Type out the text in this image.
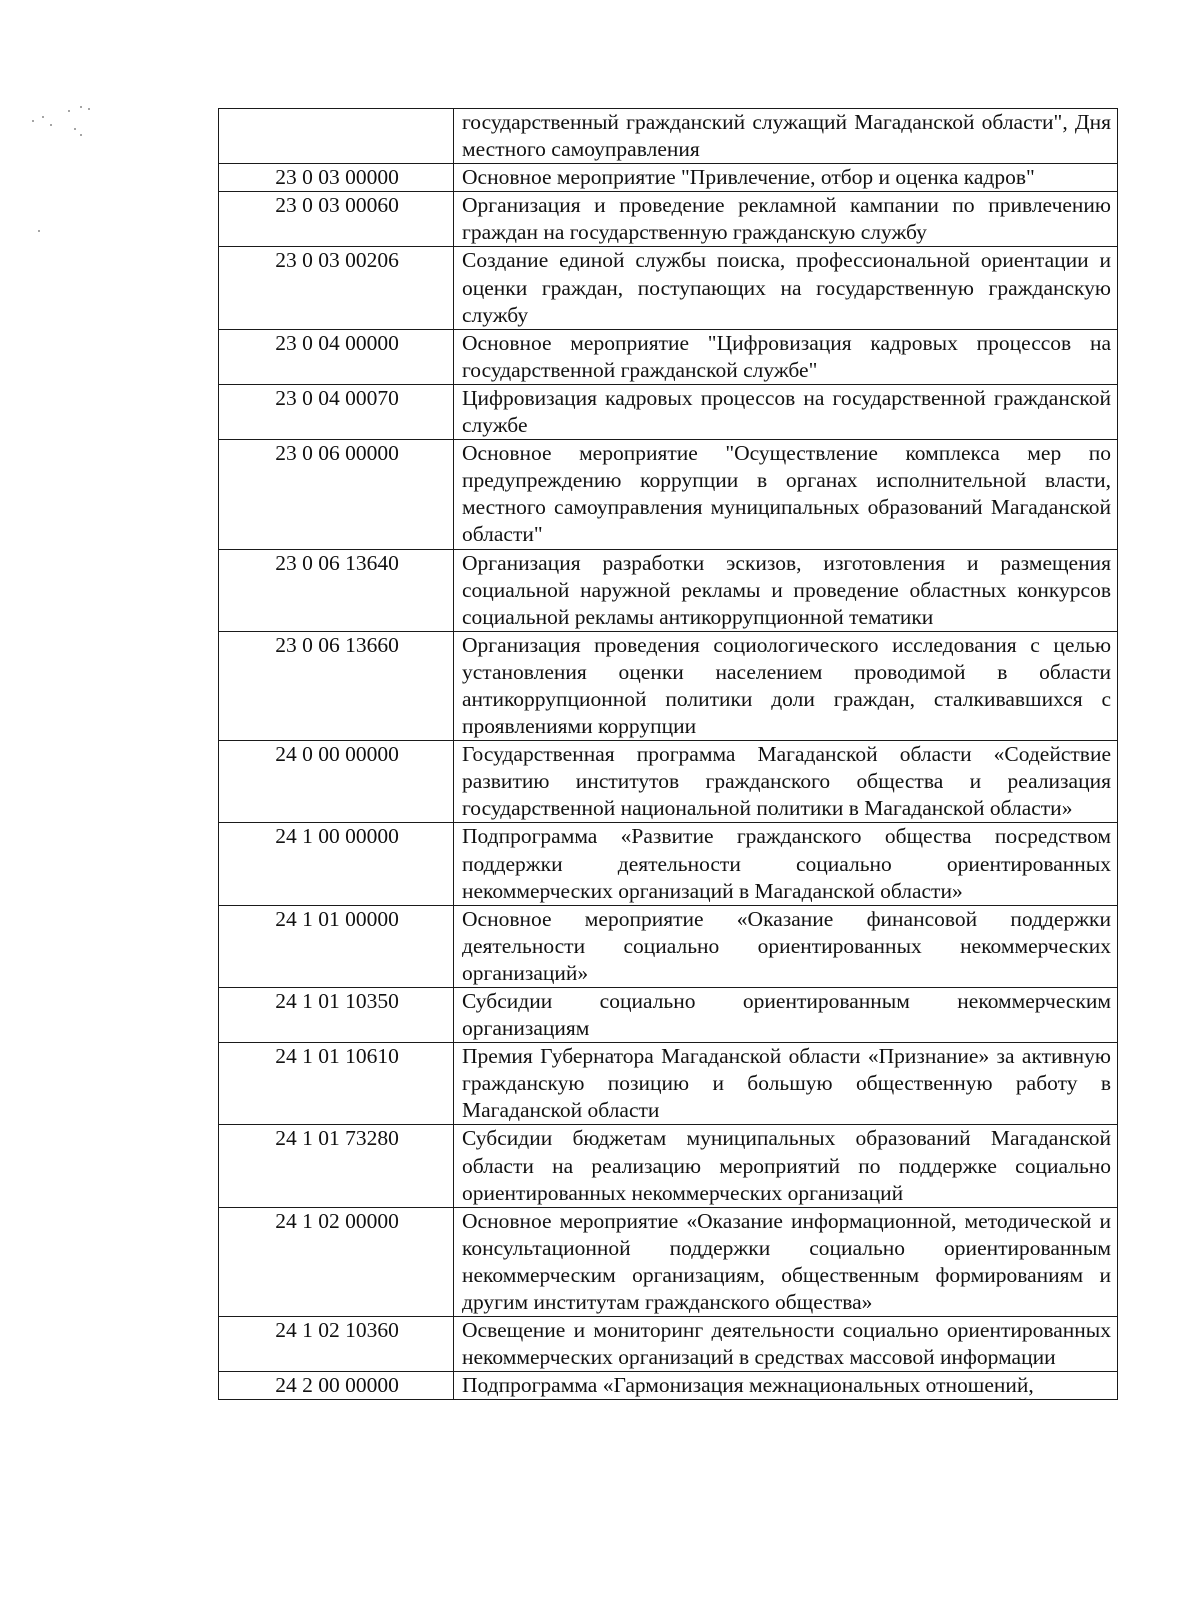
	государственный гражданский служащий Магаданской области", Дня местного самоуправления
23 0 03 00000	Основное мероприятие "Привлечение, отбор и оценка кадров"
23 0 03 00060	Организация и проведение рекламной кампании по привлечению граждан на государственную гражданскую службу
23 0 03 00206	Создание единой службы поиска, профессиональной ориентации и оценки граждан, поступающих на государственную гражданскую службу
23 0 04 00000	Основное мероприятие "Цифровизация кадровых процессов на государственной гражданской службе"
23 0 04 00070	Цифровизация кадровых процессов на государственной гражданской службе
23 0 06 00000	Основное мероприятие "Осуществление комплекса мер по предупреждению коррупции в органах исполнительной власти, местного самоуправления муниципальных образований Магаданской области"
23 0 06 13640	Организация разработки эскизов, изготовления и размещения социальной наружной рекламы и проведение областных конкурсов социальной рекламы антикоррупционной тематики
23 0 06 13660	Организация проведения социологического исследования с целью установления оценки населением проводимой в области антикоррупционной политики доли граждан, сталкивавшихся с проявлениями коррупции
24 0 00 00000	Государственная программа Магаданской области «Содействие развитию институтов гражданского общества и реализация государственной национальной политики в Магаданской области»
24 1 00 00000	Подпрограмма «Развитие гражданского общества посредством поддержки деятельности социально ориентированных некоммерческих организаций в Магаданской области»
24 1 01 00000	Основное мероприятие «Оказание финансовой поддержки деятельности социально ориентированных некоммерческих организаций»
24 1 01 10350	Субсидии социально ориентированным некоммерческим организациям
24 1 01 10610	Премия Губернатора Магаданской области «Признание» за активную гражданскую позицию и большую общественную работу в Магаданской области
24 1 01 73280	Субсидии бюджетам муниципальных образований Магаданской области на реализацию мероприятий по поддержке социально ориентированных некоммерческих организаций
24 1 02 00000	Основное мероприятие «Оказание информационной, методической и консультационной поддержки социально ориентированным некоммерческим организациям, общественным формированиям и другим институтам гражданского общества»
24 1 02 10360	Освещение и мониторинг деятельности социально ориентированных некоммерческих организаций в средствах массовой информации
24 2 00 00000	Подпрограмма «Гармонизация межнациональных отношений,
